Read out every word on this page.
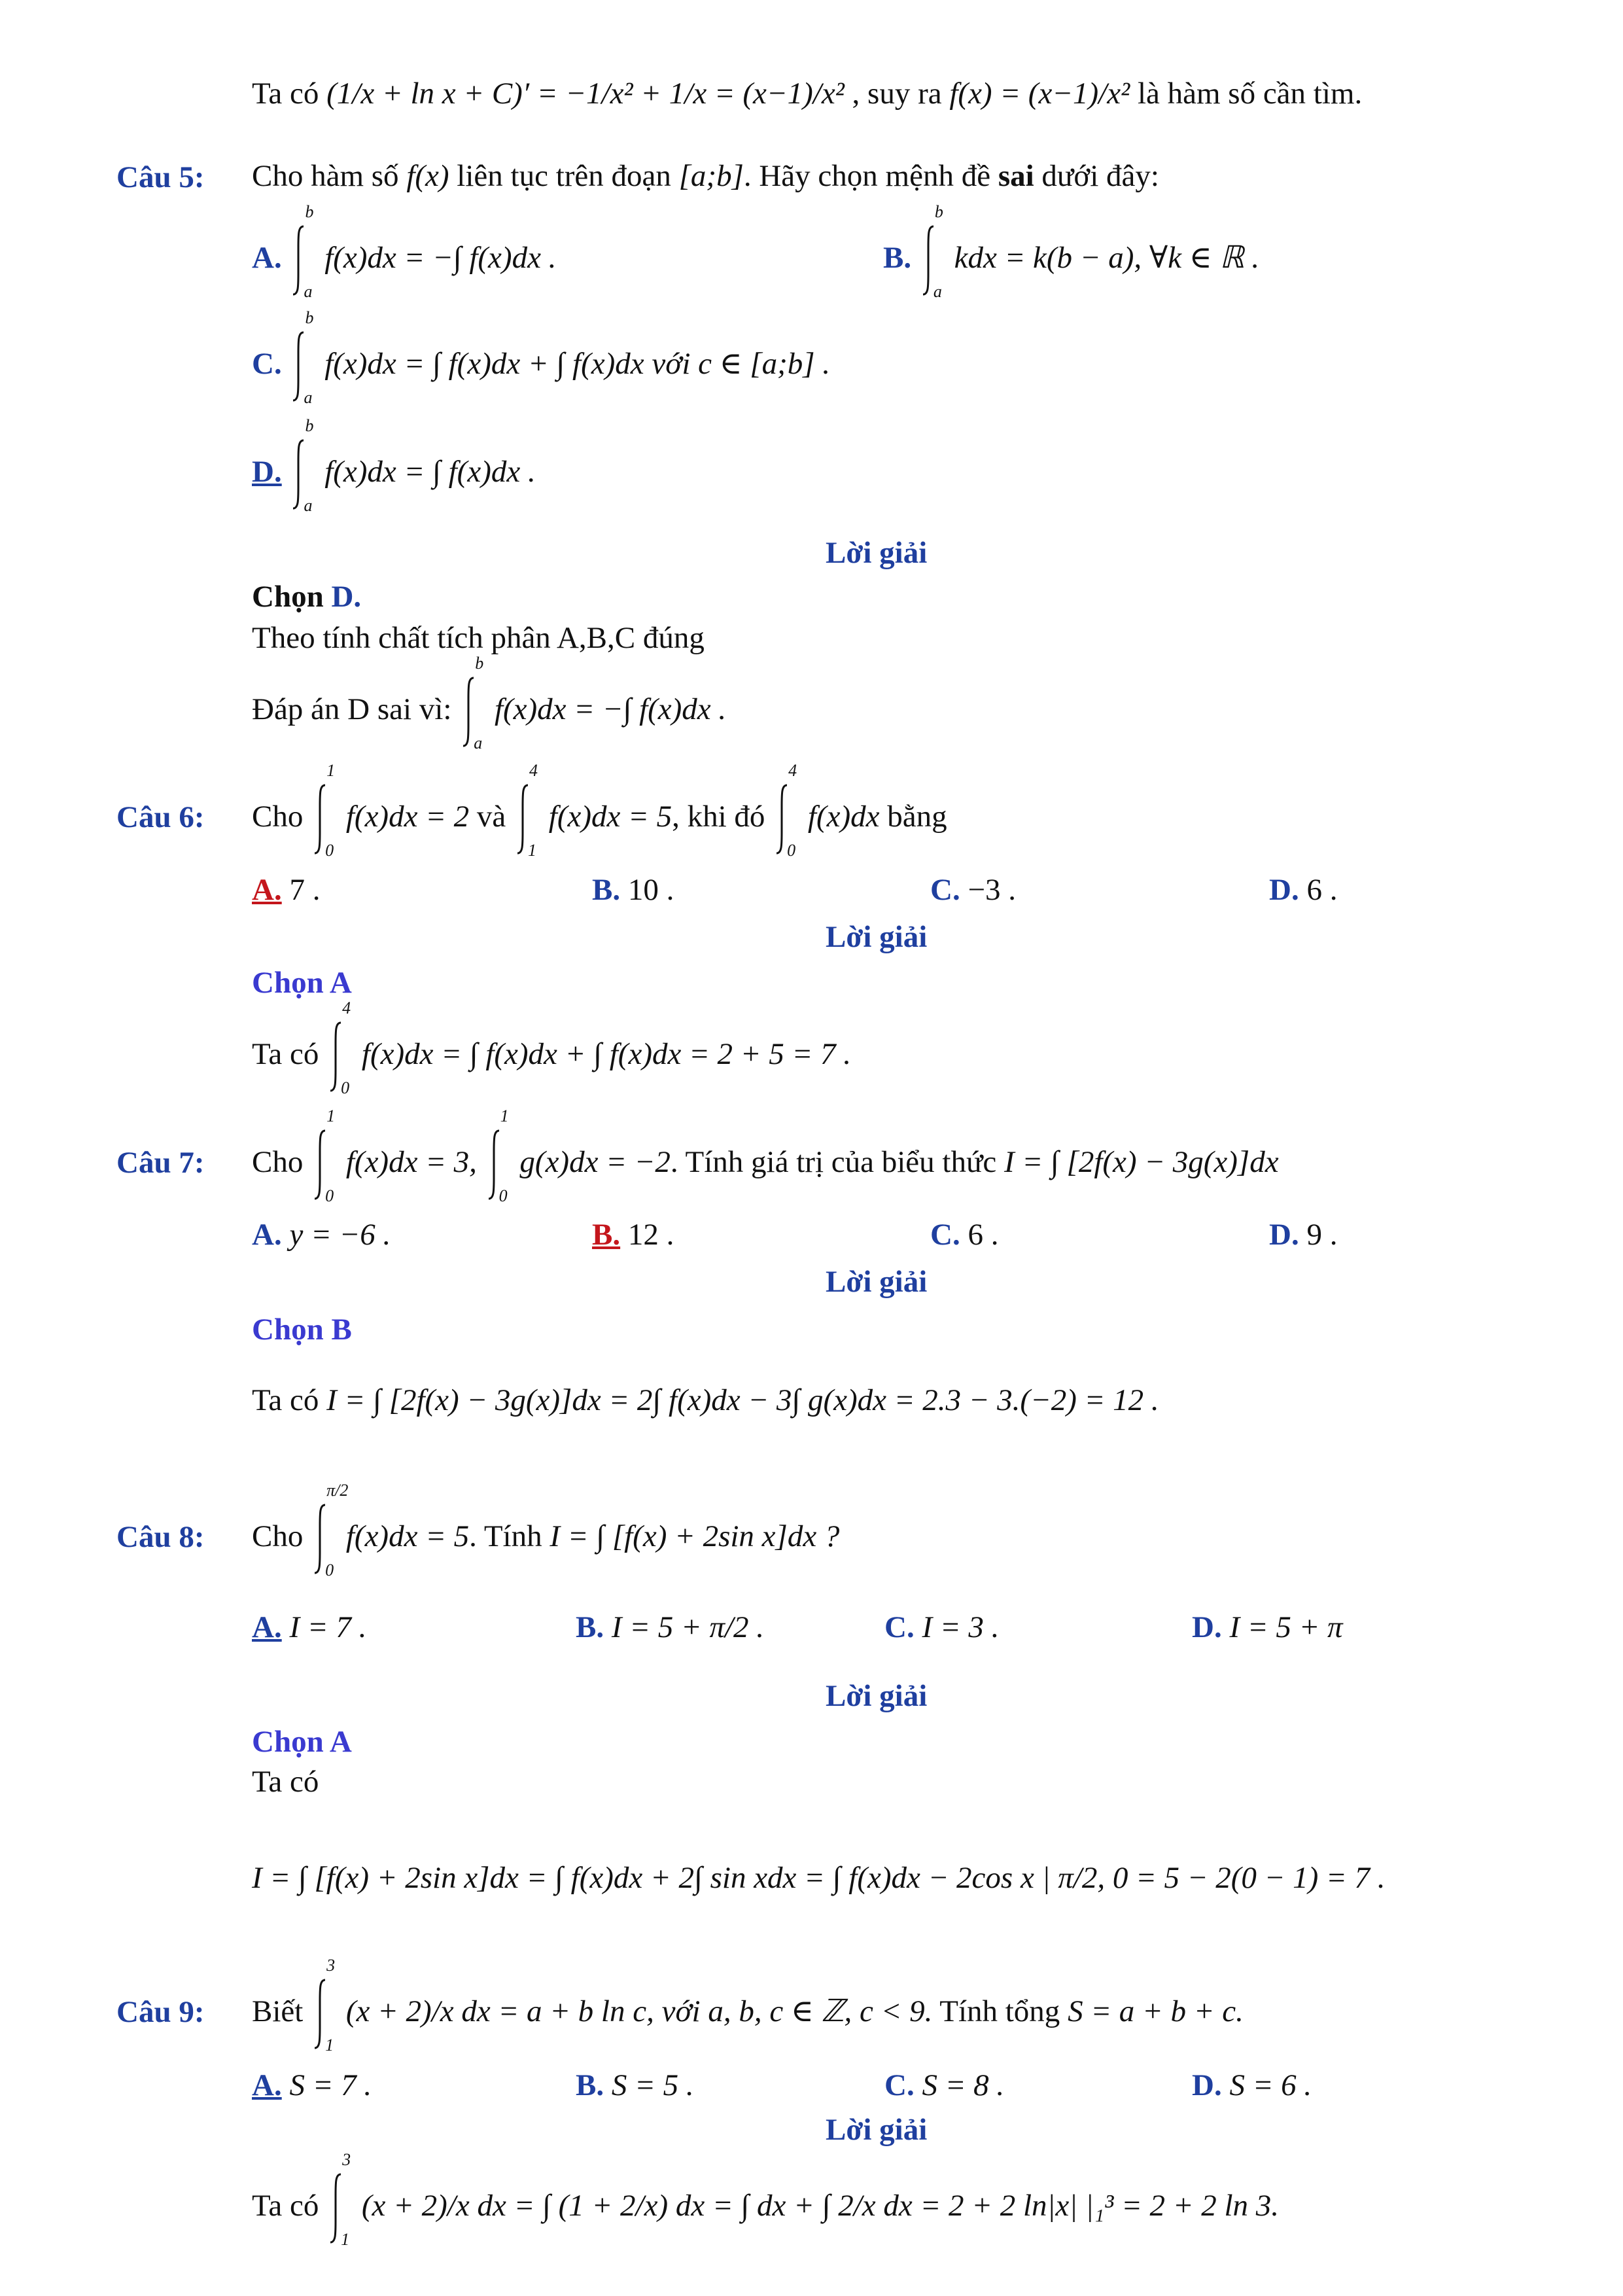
Ta có (1/x + ln x + C)′ = −1/x² + 1/x = (x−1)/x² , suy ra f(x) = (x−1)/x² là hàm số cần tìm.
Câu 5: Cho hàm số f(x) liên tục trên đoạn [a;b]. Hãy chọn mệnh đề sai dưới đây:
A.
b
a
f(x)dx = −∫ f(x)dx .	B.
b
a
kdx = k(b − a), ∀k ∈ ℝ .
C.
b
a
f(x)dx = ∫ f(x)dx + ∫ f(x)dx với c ∈ [a;b] .
D.
b
a
f(x)dx = ∫ f(x)dx .
Lời giải
Chọn D.
Theo tính chất tích phân A,B,C đúng
Đáp án D sai vì:
b
a
f(x)dx = −∫ f(x)dx .
Câu 6: Cho
1
0
f(x)dx = 2 và
4
1
f(x)dx = 5, khi đó
4
0
f(x)dx bằng
A. 7 .	B. 10 .	C. −3 .	D. 6 .
Lời giải
Chọn A
Ta có
4
0
f(x)dx = ∫ f(x)dx + ∫ f(x)dx = 2 + 5 = 7 .
Câu 7: Cho
1
0
f(x)dx = 3,
1
0
g(x)dx = −2. Tính giá trị của biểu thức I = ∫ [2f(x) − 3g(x)]dx
A. y = −6 .	B. 12 .	C. 6 .	D. 9 .
Lời giải
Chọn B
Ta có I = ∫ [2f(x) − 3g(x)]dx = 2∫ f(x)dx − 3∫ g(x)dx = 2.3 − 3.(−2) = 12 .
Câu 8: Cho
π/2
0
f(x)dx = 5. Tính I = ∫ [f(x) + 2sin x]dx ?
A. I = 7 .	B. I = 5 + π/2 .	C. I = 3 .	D. I = 5 + π
Lời giải
Chọn A
Ta có
I = ∫ [f(x) + 2sin x]dx = ∫ f(x)dx + 2∫ sin xdx = ∫ f(x)dx − 2cos x | π/2, 0 = 5 − 2(0 − 1) = 7 .
Câu 9: Biết
3
1
(x + 2)/x dx = a + b ln c, với a, b, c ∈ ℤ, c < 9. Tính tổng S = a + b + c.
A. S = 7 .	B. S = 5 .	C. S = 8 .	D. S = 6 .
Lời giải
Ta có
3
1
(x + 2)/x dx = ∫ (1 + 2/x) dx = ∫ dx + ∫ 2/x dx = 2 + 2 ln|x| |₁³ = 2 + 2 ln 3.
